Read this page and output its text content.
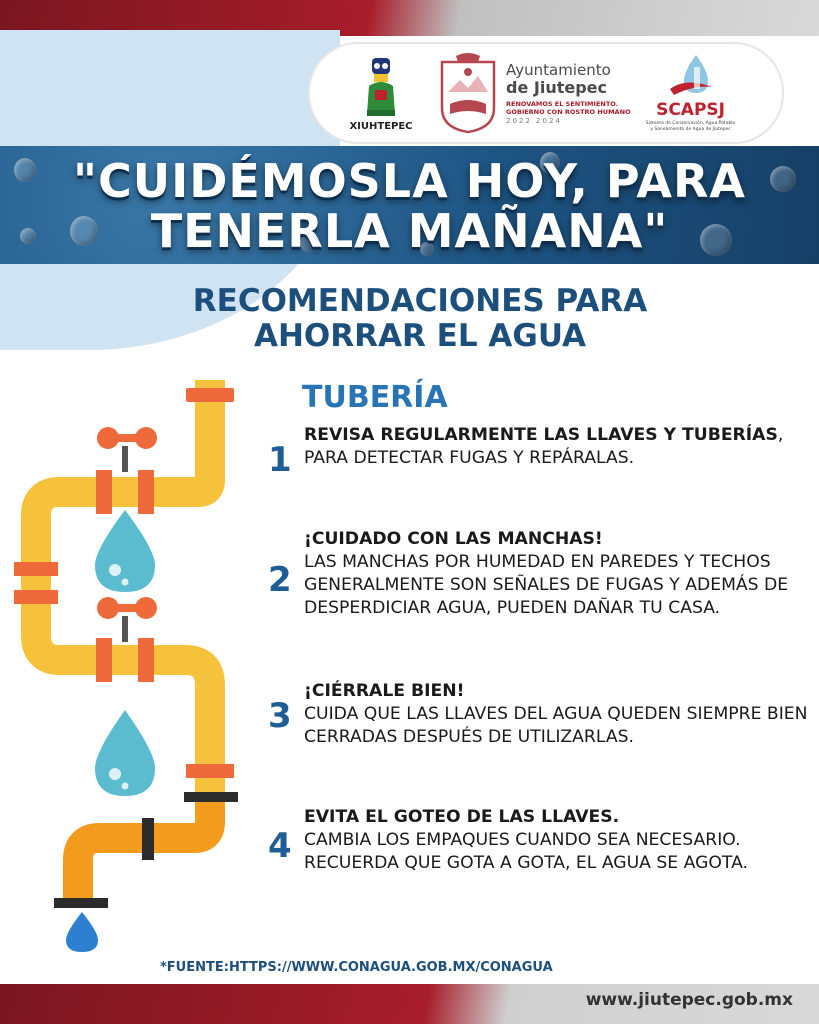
XIUHTEPEC
Ayuntamiento
de Jiutepec
RENOVAMOS EL SENTIMIENTO.
GOBIERNO CON ROSTRO HUMANO
2022 2024
SCAPSJ
Sistema de Conservación, Agua Potable y Saneamiento de Agua de Jiutepec
"CUIDÉMOSLA HOY, PARA
TENERLA MAÑANA"
RECOMENDACIONES PARA
AHORRAR EL AGUA
TUBERÍA
1
REVISA REGULARMENTE LAS LLAVES Y TUBERÍAS, PARA DETECTAR FUGAS Y REPÁRALAS.
2
¡CUIDADO CON LAS MANCHAS!
LAS MANCHAS POR HUMEDAD EN PAREDES Y TECHOS GENERALMENTE SON SEÑALES DE FUGAS Y ADEMÁS DE DESPERDICIAR AGUA, PUEDEN DAÑAR TU CASA.
3
¡CIÉRRALE BIEN!
CUIDA QUE LAS LLAVES DEL AGUA QUEDEN SIEMPRE BIEN CERRADAS DESPUÉS DE UTILIZARLAS.
4
EVITA EL GOTEO DE LAS LLAVES.
CAMBIA LOS EMPAQUES CUANDO SEA NECESARIO. RECUERDA QUE GOTA A GOTA, EL AGUA SE AGOTA.
*FUENTE:HTTPS://WWW.CONAGUA.GOB.MX/CONAGUA
www.jiutepec.gob.mx
